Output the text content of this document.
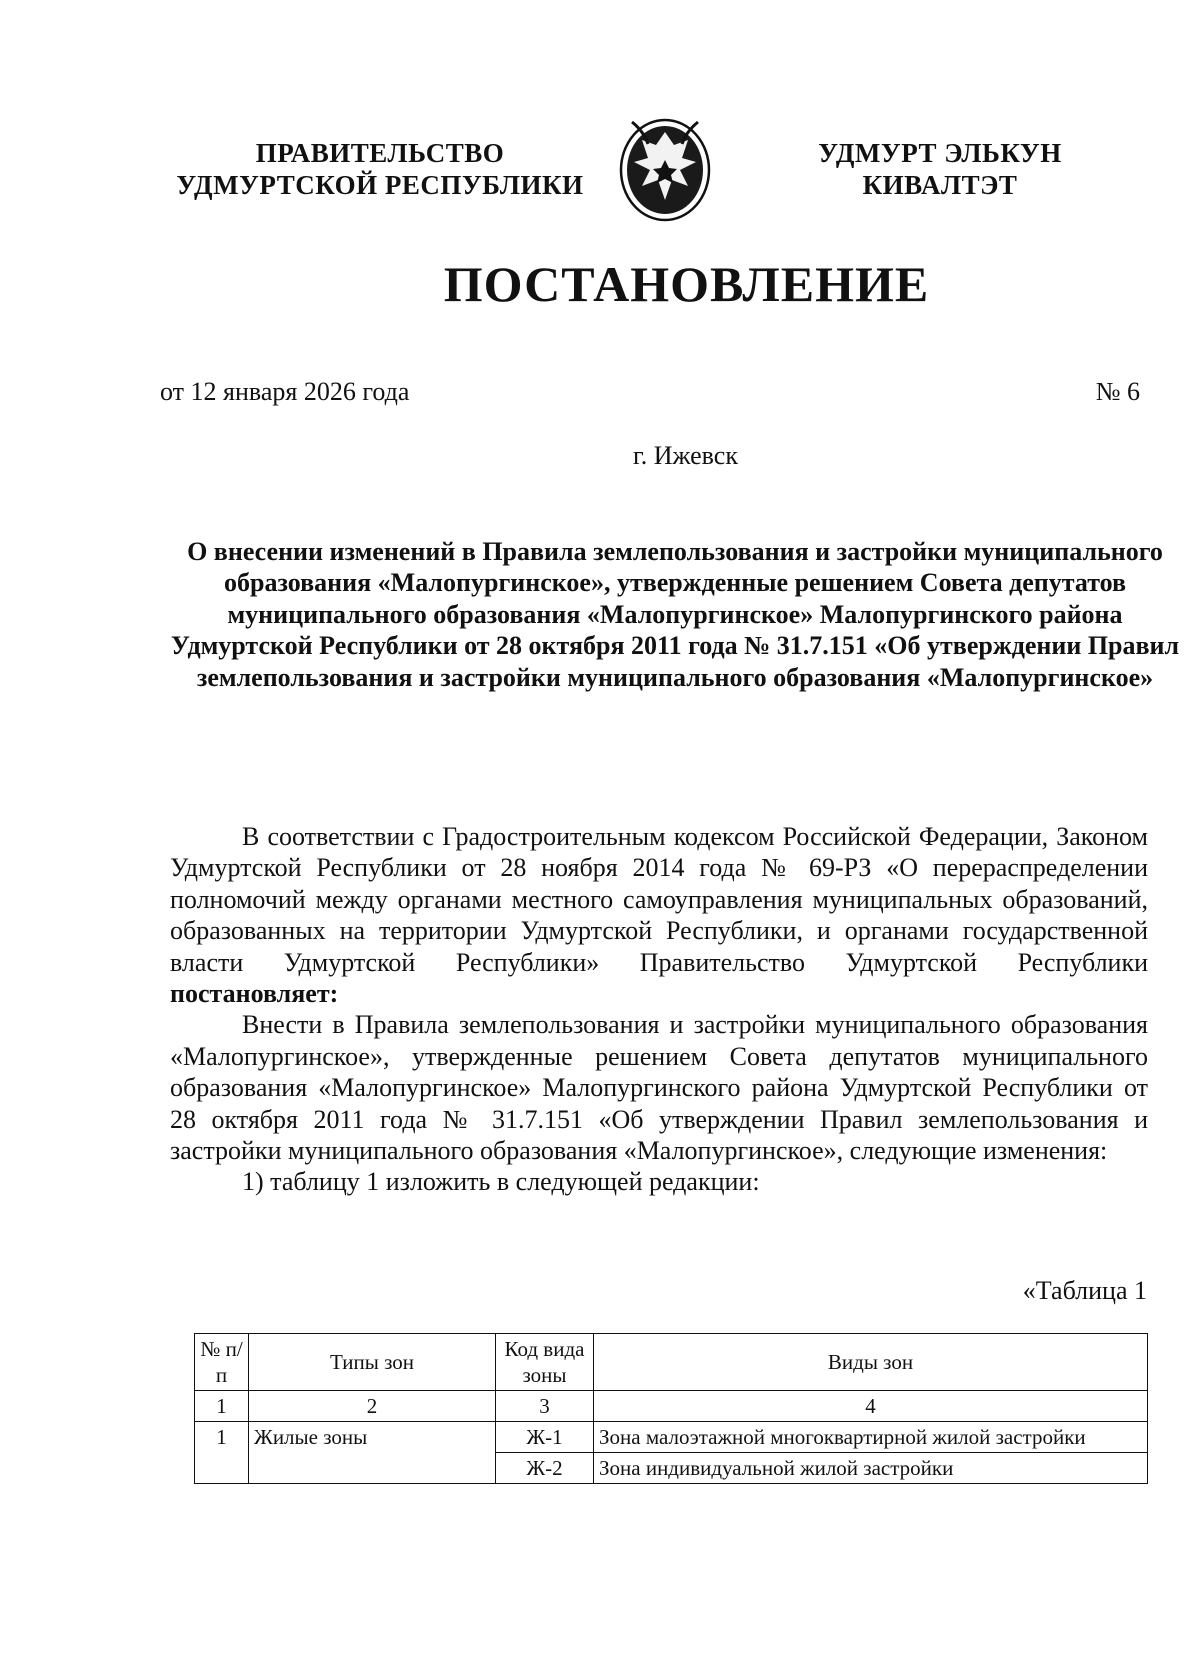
ПРАВИТЕЛЬСТВО
УДМУРТСКОЙ РЕСПУБЛИКИ
УДМУРТ ЭЛЬКУН
КИВАЛТЭТ
ПОСТАНОВЛЕНИЕ
от 12 января 2026 года	№ 6
г. Ижевск
О внесении изменений в Правила землепользования и застройки муниципального образования «Малопургинское», утвержденные решением Совета депутатов муниципального образования «Малопургинское» Малопургинского района Удмуртской Республики от 28 октября 2011 года № 31.7.151 «Об утверждении Правил землепользования и застройки муниципального образования «Малопургинское»

В соответствии с Градостроительным кодексом Российской Федерации, Законом Удмуртской Республики от 28 ноября 2014 года № 69-РЗ «О перераспределении полномочий между органами местного самоуправления муниципальных образований, образованных на территории Удмуртской Республики, и органами государственной власти Удмуртской Республики» Правительство Удмуртской Республики постановляет:

Внести в Правила землепользования и застройки муниципального образования «Малопургинское», утвержденные решением Совета депутатов муниципального образования «Малопургинское» Малопургинского района Удмуртской Республики от 28 октября 2011 года № 31.7.151 «Об утверждении Правил землепользования и застройки муниципального образования «Малопургинское», следующие изменения:

1) таблицу 1 изложить в следующей редакции:

«Таблица 1
№ п/п	Типы зон	Код вида зоны	Виды зон
1	2	3	4
1	Жилые зоны	Ж-1	Зона малоэтажной многоквартирной жилой застройки
		Ж-2	Зона индивидуальной жилой застройки
